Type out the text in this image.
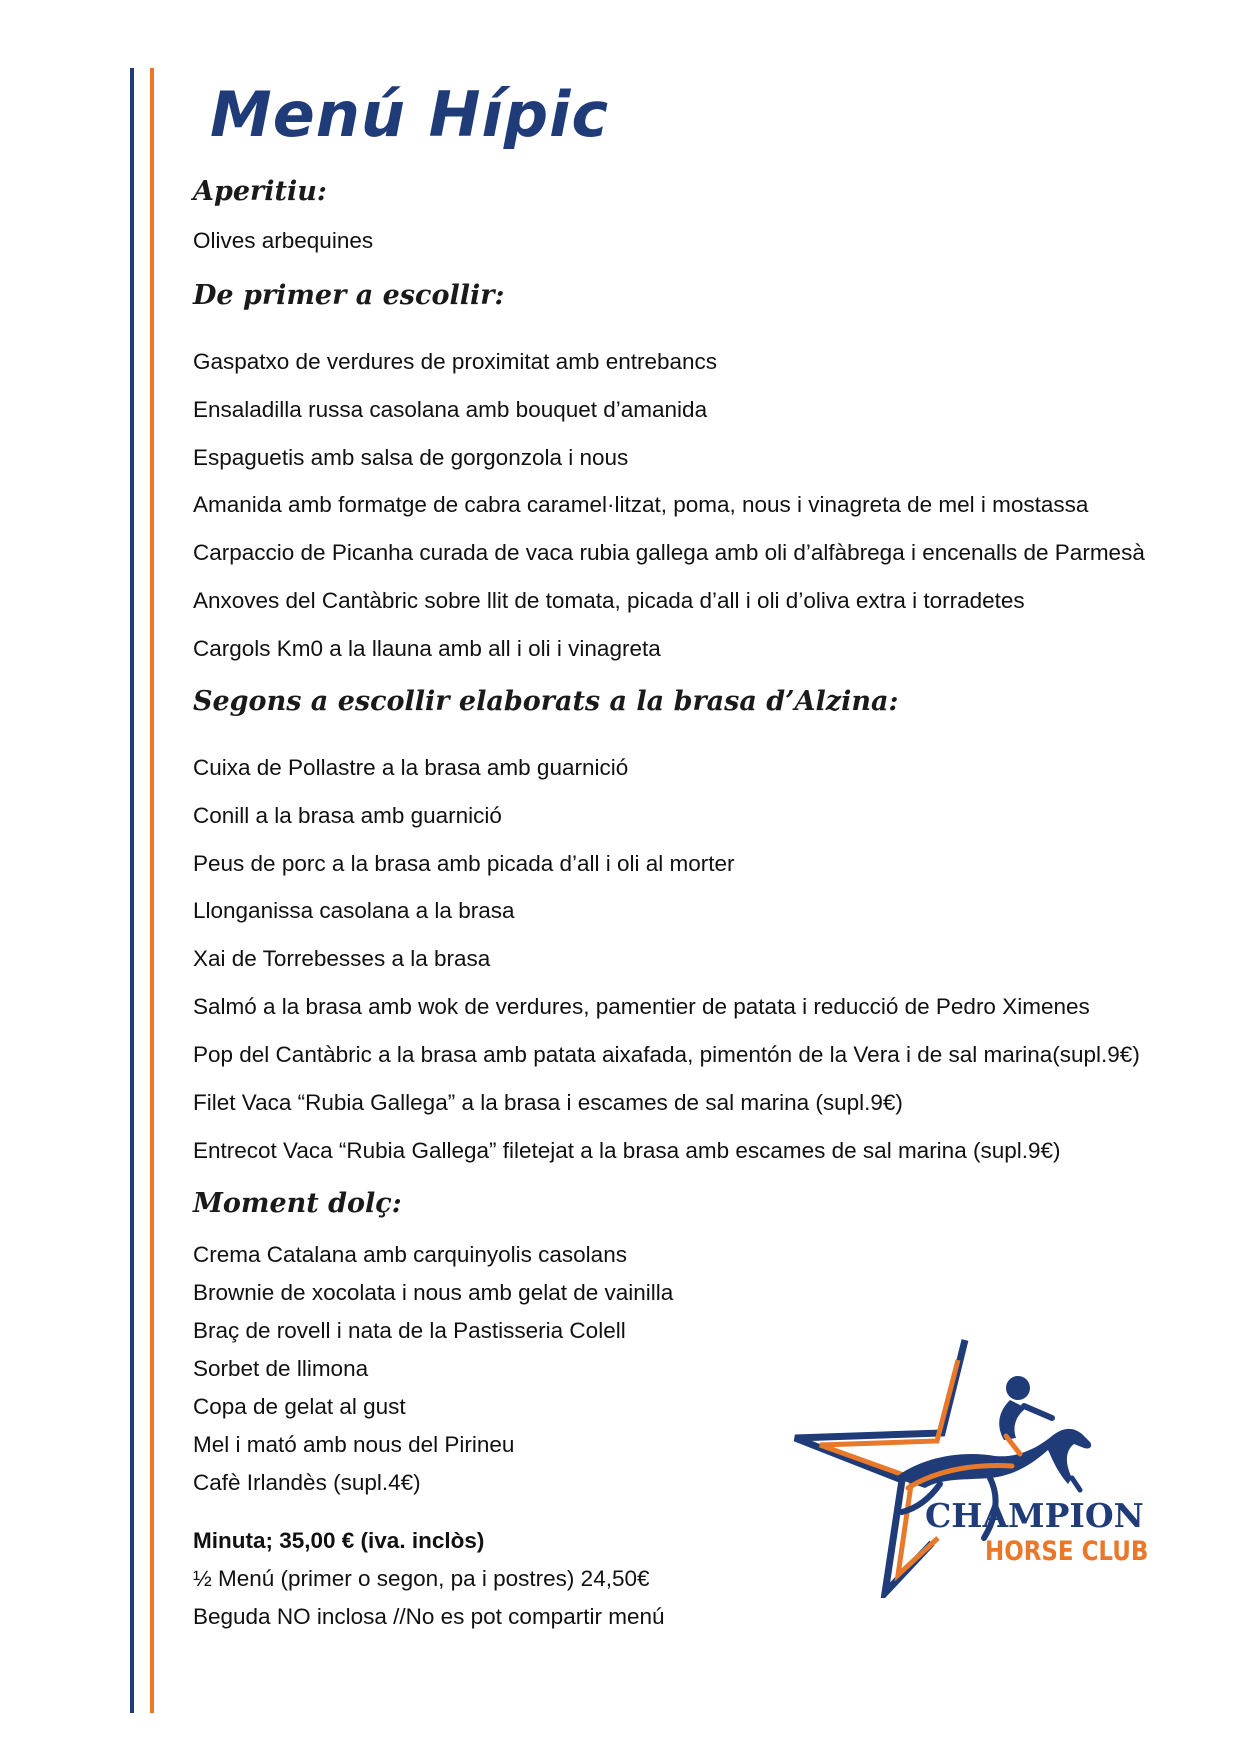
Menú Hípic
Aperitiu:

Olives arbequines

De primer a escollir:

Gaspatxo de verdures de proximitat amb entrebancs

Ensaladilla russa casolana amb bouquet d’amanida

Espaguetis amb salsa de gorgonzola i nous

Amanida amb formatge de cabra caramel·litzat, poma, nous i vinagreta de mel i mostassa

Carpaccio de Picanha curada de vaca rubia gallega amb oli d’alfàbrega i encenalls de Parmesà

Anxoves del Cantàbric sobre llit de tomata, picada d’all i oli d’oliva extra i torradetes

Cargols Km0 a la llauna amb all i oli i vinagreta

Segons a escollir elaborats a la brasa d’Alzina:

Cuixa de Pollastre a la brasa amb guarnició

Conill a la brasa amb guarnició

Peus de porc a la brasa amb picada d’all i oli al morter

Llonganissa casolana a la brasa

Xai de Torrebesses a la brasa

Salmó a la brasa amb wok de verdures, pamentier de patata i reducció de Pedro Ximenes

Pop del Cantàbric a la brasa amb patata aixafada, pimentón de la Vera i de sal marina(supl.9€)

Filet Vaca “Rubia Gallega” a la brasa i escames de sal marina (supl.9€)

Entrecot Vaca “Rubia Gallega” filetejat a la brasa amb escames de sal marina (supl.9€)

Moment dolç:

Crema Catalana amb carquinyolis casolans

Brownie de xocolata i nous amb gelat de vainilla

Braç de rovell i nata de la Pastisseria Colell

Sorbet de llimona

Copa de gelat al gust

Mel i mató amb nous del Pirineu

Cafè Irlandès (supl.4€)

Minuta; 35,00 € (iva. inclòs)

½ Menú (primer o segon, pa i postres) 24,50€

Beguda NO inclosa //No es pot compartir menú

CHAMPION
HORSE CLUB
